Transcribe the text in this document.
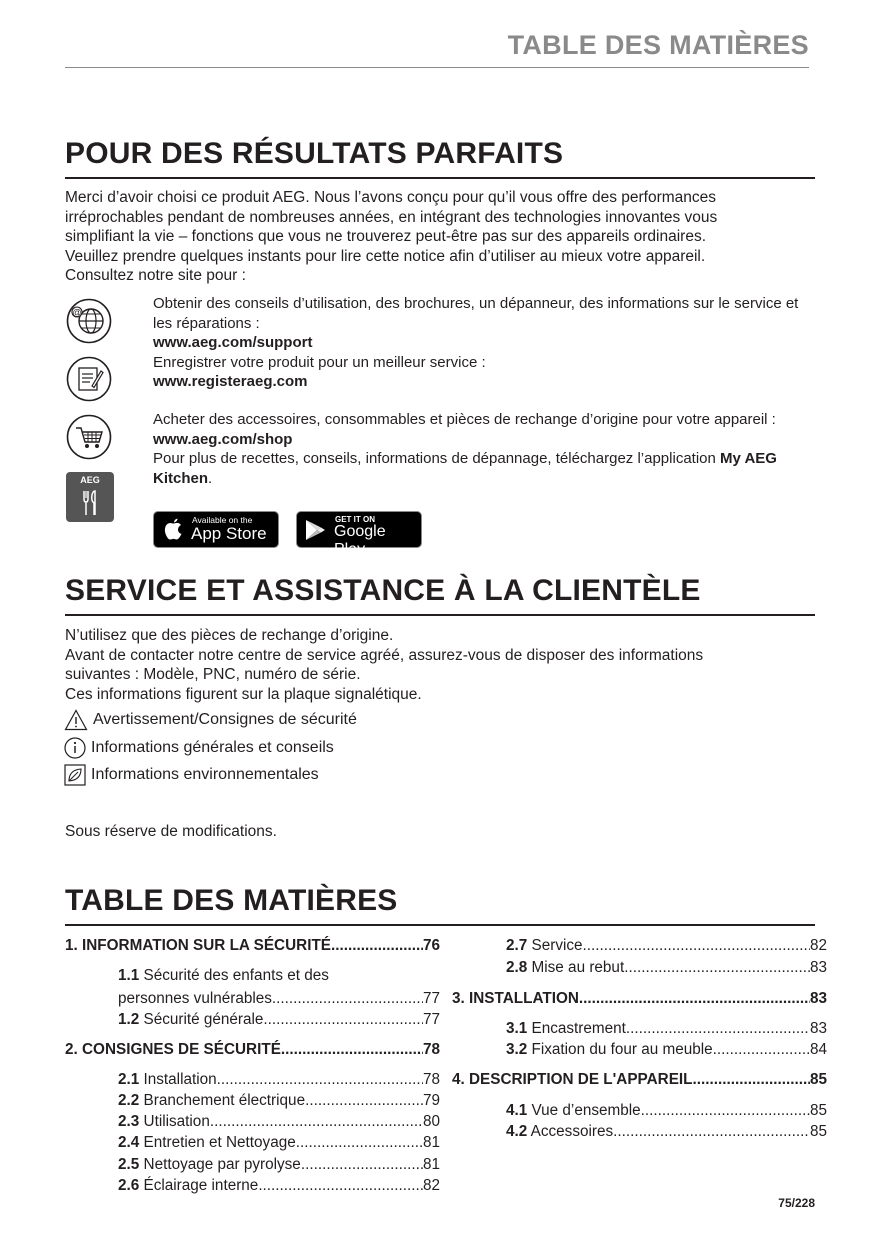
TABLE DES MATIÈRES
POUR DES RÉSULTATS PARFAITS

Merci d’avoir choisi ce produit AEG. Nous l’avons conçu pour qu’il vous offre des performances

irréprochables pendant de nombreuses années, en intégrant des technologies innovantes vous

simplifiant la vie – fonctions que vous ne trouverez peut-être pas sur des appareils ordinaires.

Veuillez prendre quelques instants pour lire cette notice afin d’utiliser au mieux votre appareil.

Consultez notre site pour :

@
AEG

Obtenir des conseils d’utilisation, des brochures, un dépanneur, des informations sur le service et les réparations :

www.aeg.com/support

Enregistrer votre produit pour un meilleur service :

www.registeraeg.com

Acheter des accessoires, consommables et pièces de rechange d’origine pour votre appareil :

www.aeg.com/shop

Pour plus de recettes, conseils, informations de dépannage, téléchargez l’application My AEG Kitchen.

Available on the
App Store
GET IT ON
Google Play
SERVICE ET ASSISTANCE À LA CLIENTÈLE

N’utilisez que des pièces de rechange d’origine.

Avant de contacter notre centre de service agréé, assurez-vous de disposer des informations

suivantes : Modèle, PNC, numéro de série.

Ces informations figurent sur la plaque signalétique.

Avertissement/Consignes de sécurité
Informations générales et conseils
Informations environnementales
Sous réserve de modifications.
TABLE DES MATIÈRES
1. INFORMATION SUR LA SÉCURITÉ .....	76
1.1 Sécurité des enfants et des
personnes vulnérables .....	77
1.2 Sécurité générale .....	77
2. CONSIGNES DE SÉCURITÉ .....	78
2.1 Installation .....	78
2.2 Branchement électrique .....	79
2.3 Utilisation .....	80
2.4 Entretien et Nettoyage .....	81
2.5 Nettoyage par pyrolyse .....	81
2.6 Éclairage interne .....	82
2.7 Service .....	82
2.8 Mise au rebut .....	83
3. INSTALLATION .....	83
3.1 Encastrement .....	83
3.2 Fixation du four au meuble .....	84
4. DESCRIPTION DE L'APPAREIL .....	85
4.1 Vue d’ensemble .....	85
4.2 Accessoires .....	85
75/228
